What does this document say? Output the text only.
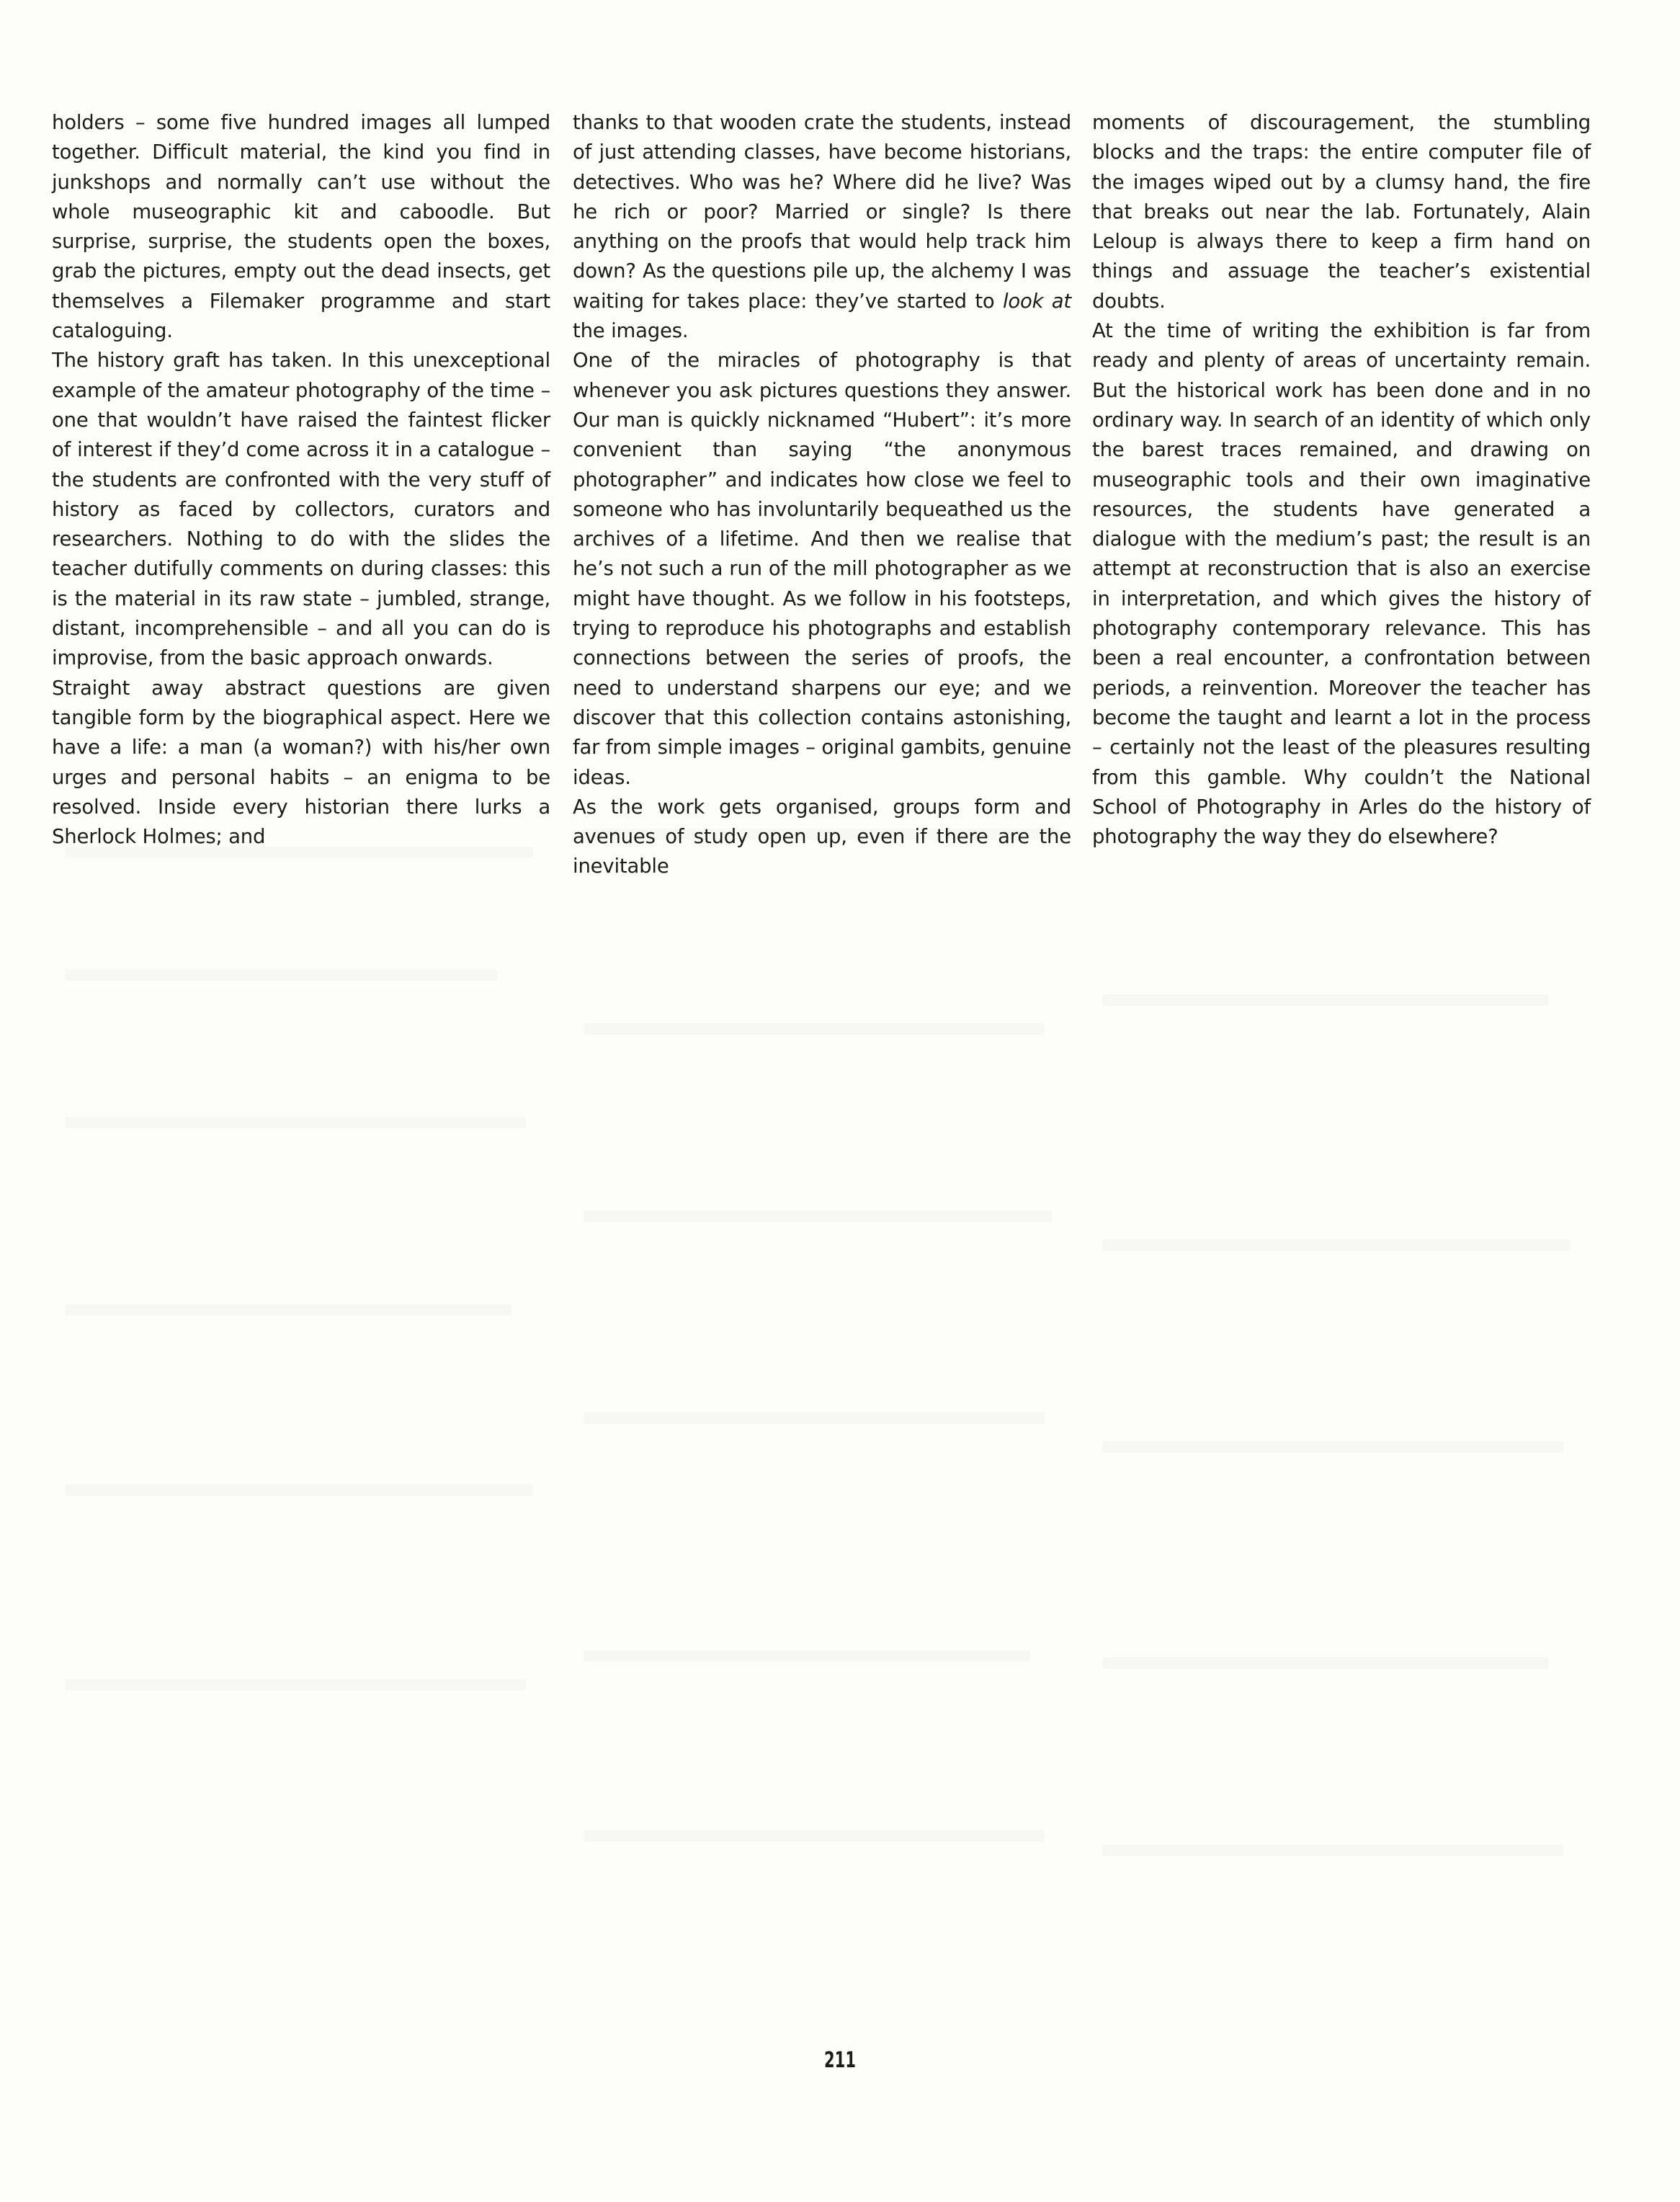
holders – some five hundred images all lumped together. Difficult material, the kind you find in junkshops and normally can’t use without the whole museographic kit and caboodle. But surprise, surprise, the students open the boxes, grab the pictures, empty out the dead insects, get themselves a Filemaker programme and start cataloguing.

The history graft has taken. In this unexceptional example of the amateur photography of the time – one that wouldn’t have raised the faintest flicker of interest if they’d come across it in a catalogue – the students are confronted with the very stuff of history as faced by collectors, curators and researchers. Nothing to do with the slides the teacher dutifully comments on during classes: this is the material in its raw state – jumbled, strange, distant, incomprehensible – and all you can do is improvise, from the basic approach onwards.

Straight away abstract questions are given tangible form by the biographical aspect. Here we have a life: a man (a woman?) with his/her own urges and personal habits – an enigma to be resolved. Inside every historian there lurks a Sherlock Holmes; and

thanks to that wooden crate the students, instead of just attending classes, have become historians, detectives. Who was he? Where did he live? Was he rich or poor? Married or single? Is there anything on the proofs that would help track him down? As the questions pile up, the alchemy I was waiting for takes place: they’ve started to look at the images.

One of the miracles of photography is that whenever you ask pictures questions they answer. Our man is quickly nicknamed “Hubert”: it’s more convenient than saying “the anonymous photographer” and indicates how close we feel to someone who has involuntarily bequeathed us the archives of a lifetime. And then we realise that he’s not such a run of the mill photographer as we might have thought. As we follow in his footsteps, trying to reproduce his photographs and establish connections between the series of proofs, the need to understand sharpens our eye; and we discover that this collection contains astonishing, far from simple images – original gambits, genuine ideas.

As the work gets organised, groups form and avenues of study open up, even if there are the inevitable

moments of discouragement, the stumbling blocks and the traps: the entire computer file of the images wiped out by a clumsy hand, the fire that breaks out near the lab. Fortunately, Alain Leloup is always there to keep a firm hand on things and assuage the teacher’s existential doubts.

At the time of writing the exhibition is far from ready and plenty of areas of uncertainty remain. But the historical work has been done and in no ordinary way. In search of an identity of which only the barest traces remained, and drawing on museographic tools and their own imaginative resources, the students have generated a dialogue with the medium’s past; the result is an attempt at reconstruction that is also an exercise in interpretation, and which gives the history of photography contemporary relevance. This has been a real encounter, a confrontation between periods, a reinvention. Moreover the teacher has become the taught and learnt a lot in the process – certainly not the least of the pleasures resulting from this gamble. Why couldn’t the National School of Photography in Arles do the history of photography the way they do elsewhere?

211
